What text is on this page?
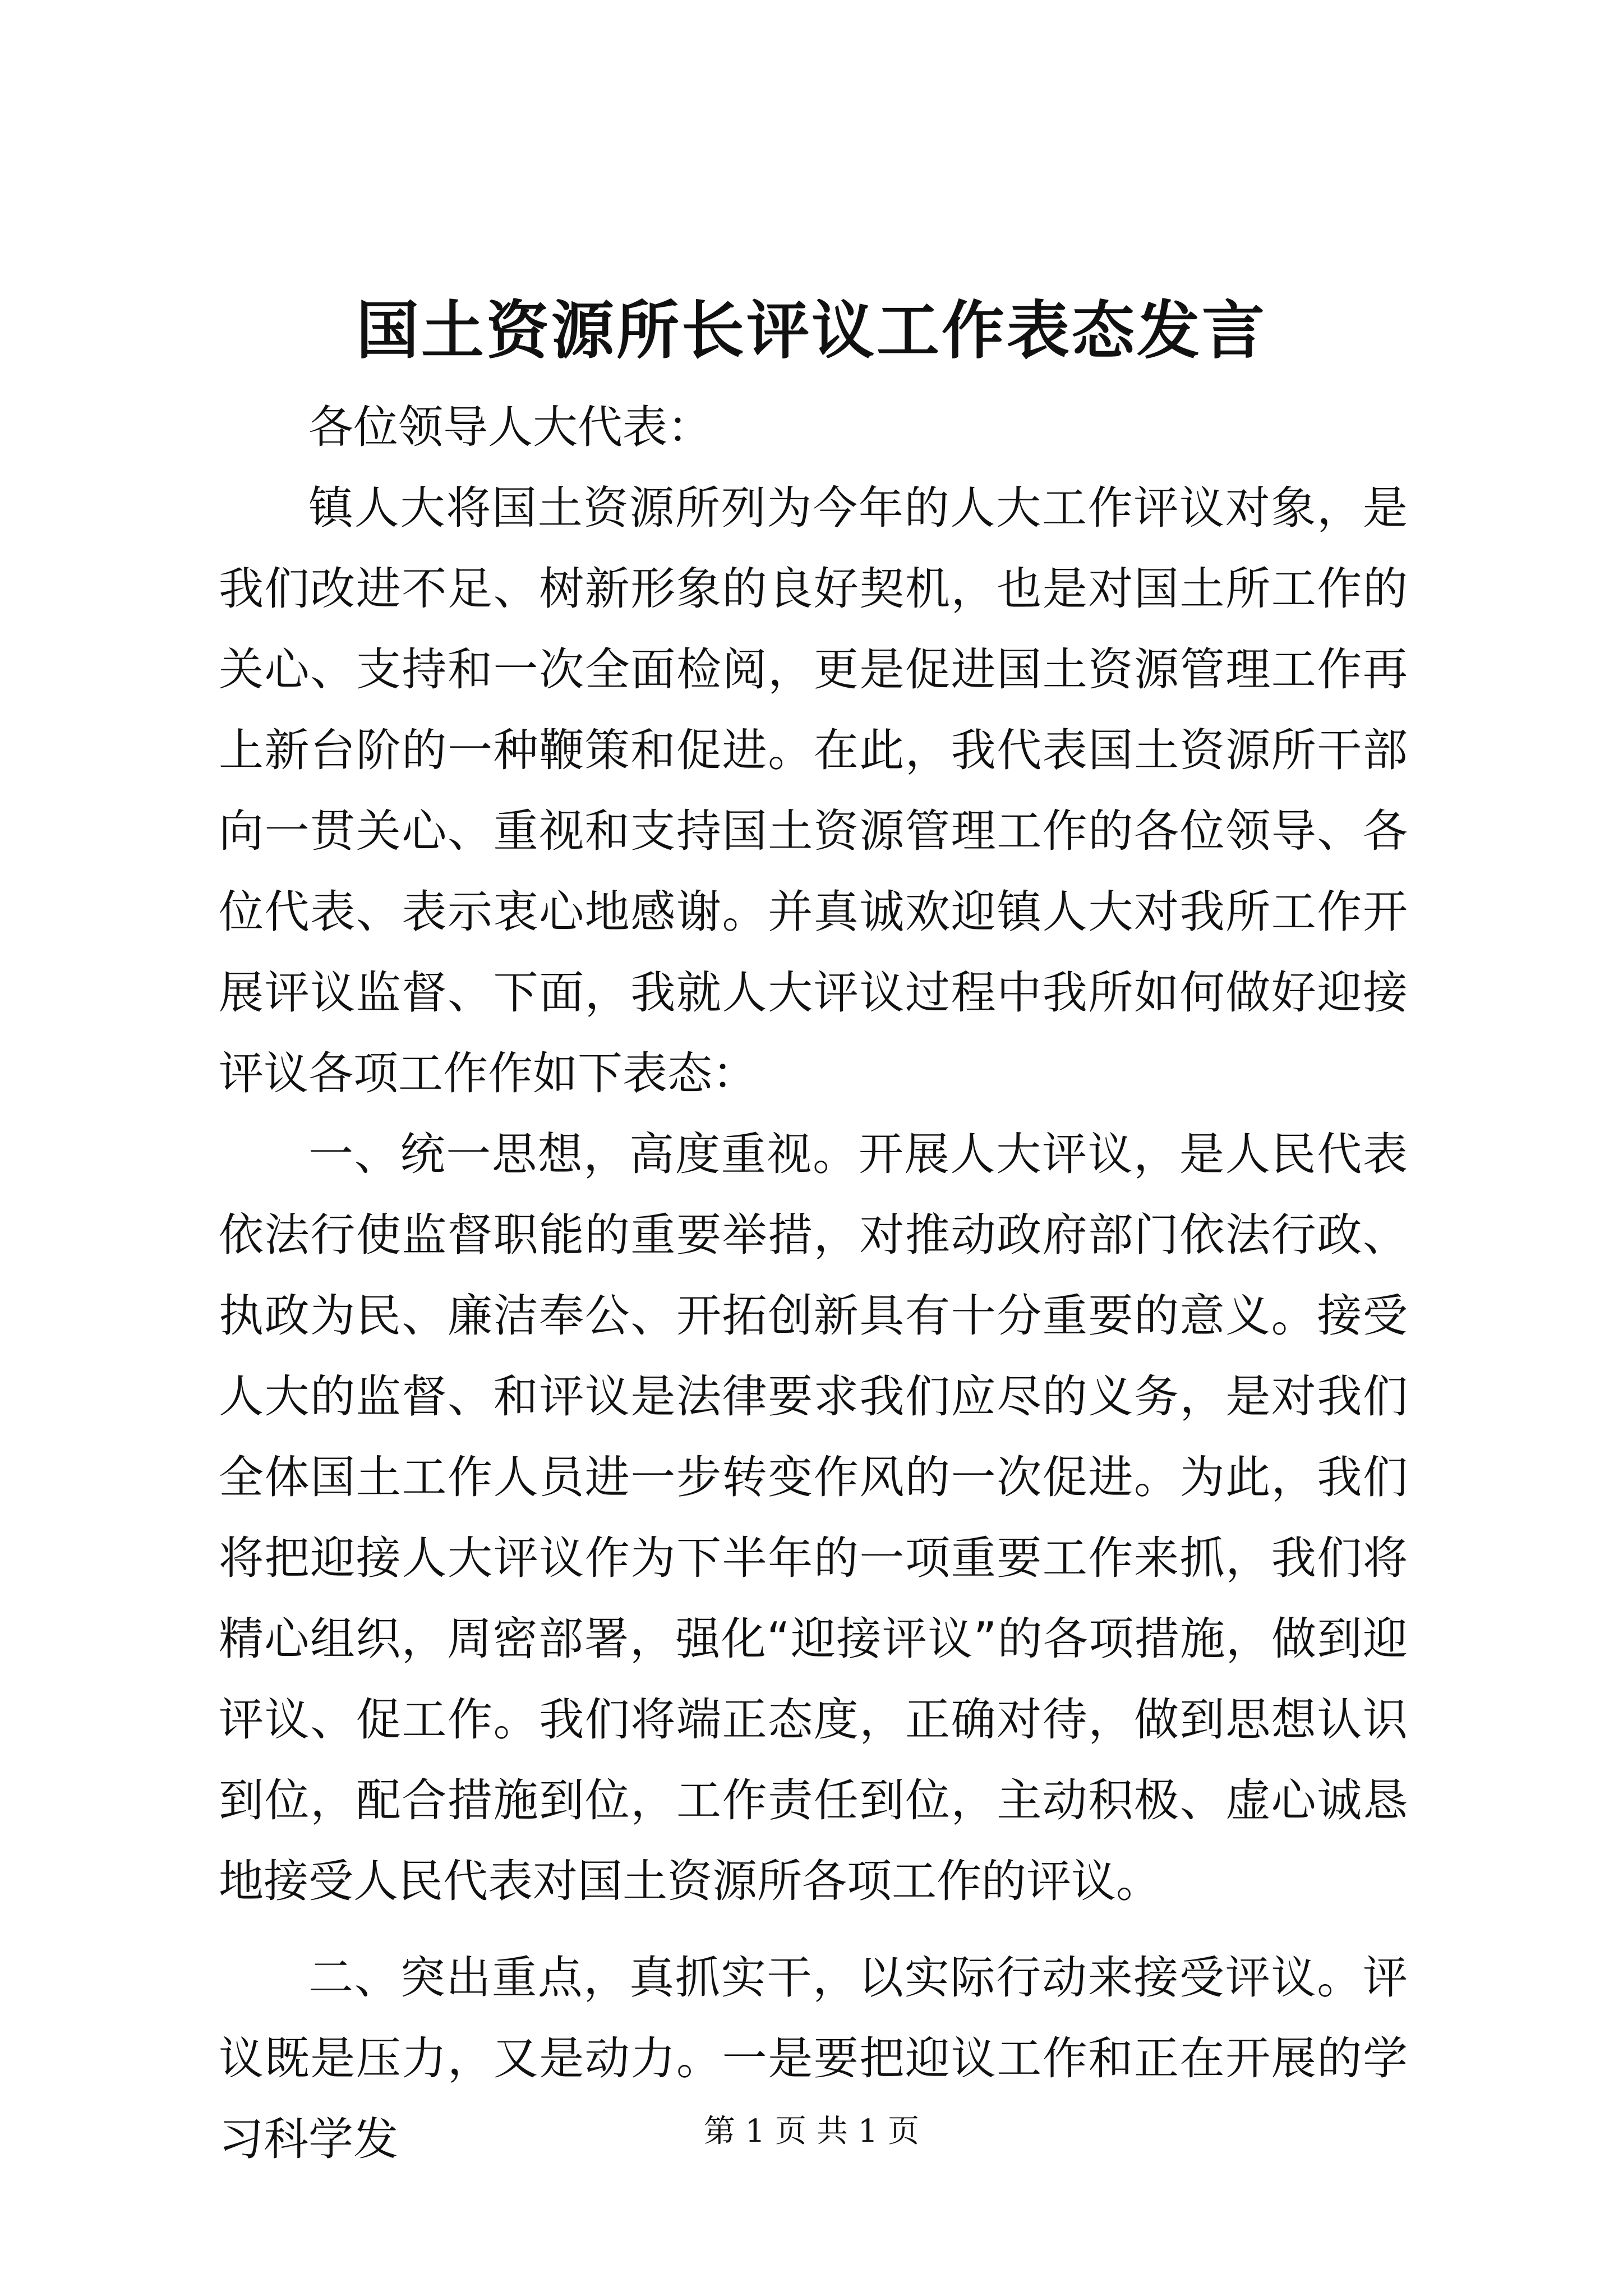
国土资源所长评议工作表态发言

各位领导人大代表：

镇人大将国土资源所列为今年的人大工作评议对象，是我们改进不足、树新形象的良好契机，也是对国土所工作的关心、支持和一次全面检阅，更是促进国土资源管理工作再上新台阶的一种鞭策和促进。在此，我代表国土资源所干部向一贯关心、重视和支持国土资源管理工作的各位领导、各位代表、表示衷心地感谢。并真诚欢迎镇人大对我所工作开展评议监督、下面，我就人大评议过程中我所如何做好迎接评议各项工作作如下表态：

一、统一思想，高度重视。开展人大评议，是人民代表依法行使监督职能的重要举措，对推动政府部门依法行政、执政为民、廉洁奉公、开拓创新具有十分重要的意义。接受人大的监督、和评议是法律要求我们应尽的义务，是对我们全体国土工作人员进一步转变作风的一次促进。为此，我们将把迎接人大评议作为下半年的一项重要工作来抓，我们将精心组织，周密部署，强化“迎接评议”的各项措施，做到迎评议、促工作。我们将端正态度，正确对待，做到思想认识到位，配合措施到位，工作责任到位，主动积极、虚心诚恳地接受人民代表对国土资源所各项工作的评议。

二、突出重点，真抓实干，以实际行动来接受评议。评议既是压力，又是动力。一是要把迎议工作和正在开展的学习科学发	第 1 页 共 1 页
